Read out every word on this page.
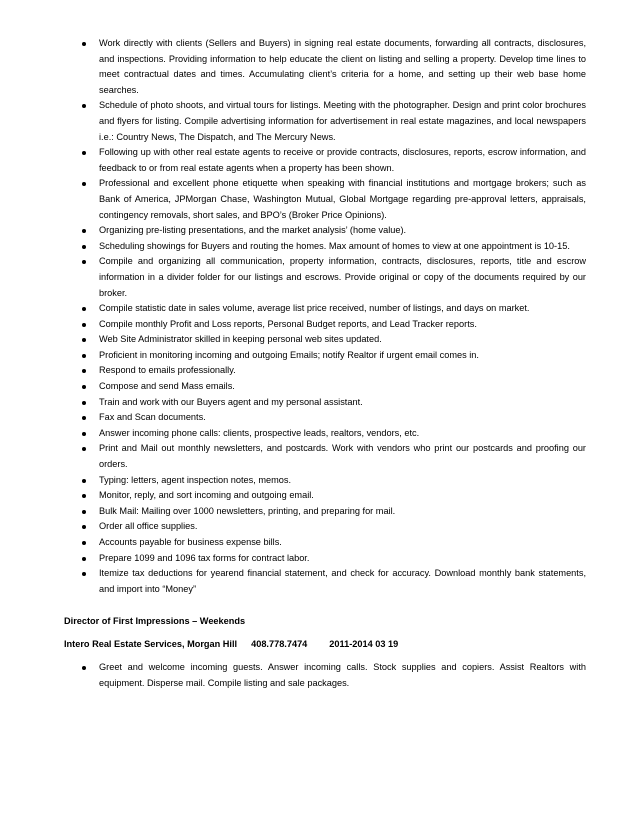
Work directly with clients (Sellers and Buyers) in signing real estate documents, forwarding all contracts, disclosures, and inspections. Providing information to help educate the client on listing and selling a property. Develop time lines to meet contractual dates and times. Accumulating client’s criteria for a home, and setting up their web base home searches.
Schedule of photo shoots, and virtual tours for listings. Meeting with the photographer. Design and print color brochures and flyers for listing. Compile advertising information for advertisement in real estate magazines, and local newspapers i.e.: Country News, The Dispatch, and The Mercury News.
Following up with other real estate agents to receive or provide contracts, disclosures, reports, escrow information, and feedback to or from real estate agents when a property has been shown.
Professional and excellent phone etiquette when speaking with financial institutions and mortgage brokers; such as Bank of America, JPMorgan Chase, Washington Mutual, Global Mortgage regarding pre-approval letters, appraisals, contingency removals, short sales, and BPO’s (Broker Price Opinions).
Organizing pre-listing presentations, and the market analysis’ (home value).
Scheduling showings for Buyers and routing the homes. Max amount of homes to view at one appointment is 10-15.
Compile and organizing all communication, property information, contracts, disclosures, reports, title and escrow information in a divider folder for our listings and escrows. Provide original or copy of the documents required by our broker.
Compile statistic date in sales volume, average list price received, number of listings, and days on market.
Compile monthly Profit and Loss reports, Personal Budget reports, and Lead Tracker reports.
Web Site Administrator skilled in keeping personal web sites updated.
Proficient in monitoring incoming and outgoing Emails; notify Realtor if urgent email comes in.
Respond to emails professionally.
Compose and send Mass emails.
Train and work with our Buyers agent and my personal assistant.
Fax and Scan documents.
Answer incoming phone calls: clients, prospective leads, realtors, vendors, etc.
Print and Mail out monthly newsletters, and postcards. Work with vendors who print our postcards and proofing our orders.
Typing: letters, agent inspection notes, memos.
Monitor, reply, and sort incoming and outgoing email.
Bulk Mail: Mailing over 1000 newsletters, printing, and preparing for mail.
Order all office supplies.
Accounts payable for business expense bills.
Prepare 1099 and 1096 tax forms for contract labor.
Itemize tax deductions for yearend financial statement, and check for accuracy. Download monthly bank statements, and import into “Money”
Director of First Impressions – Weekends
Intero Real Estate Services, Morgan Hill 408.778.7474 2011-2014 03 19
Greet and welcome incoming guests. Answer incoming calls. Stock supplies and copiers. Assist Realtors with equipment. Disperse mail. Compile listing and sale packages.
